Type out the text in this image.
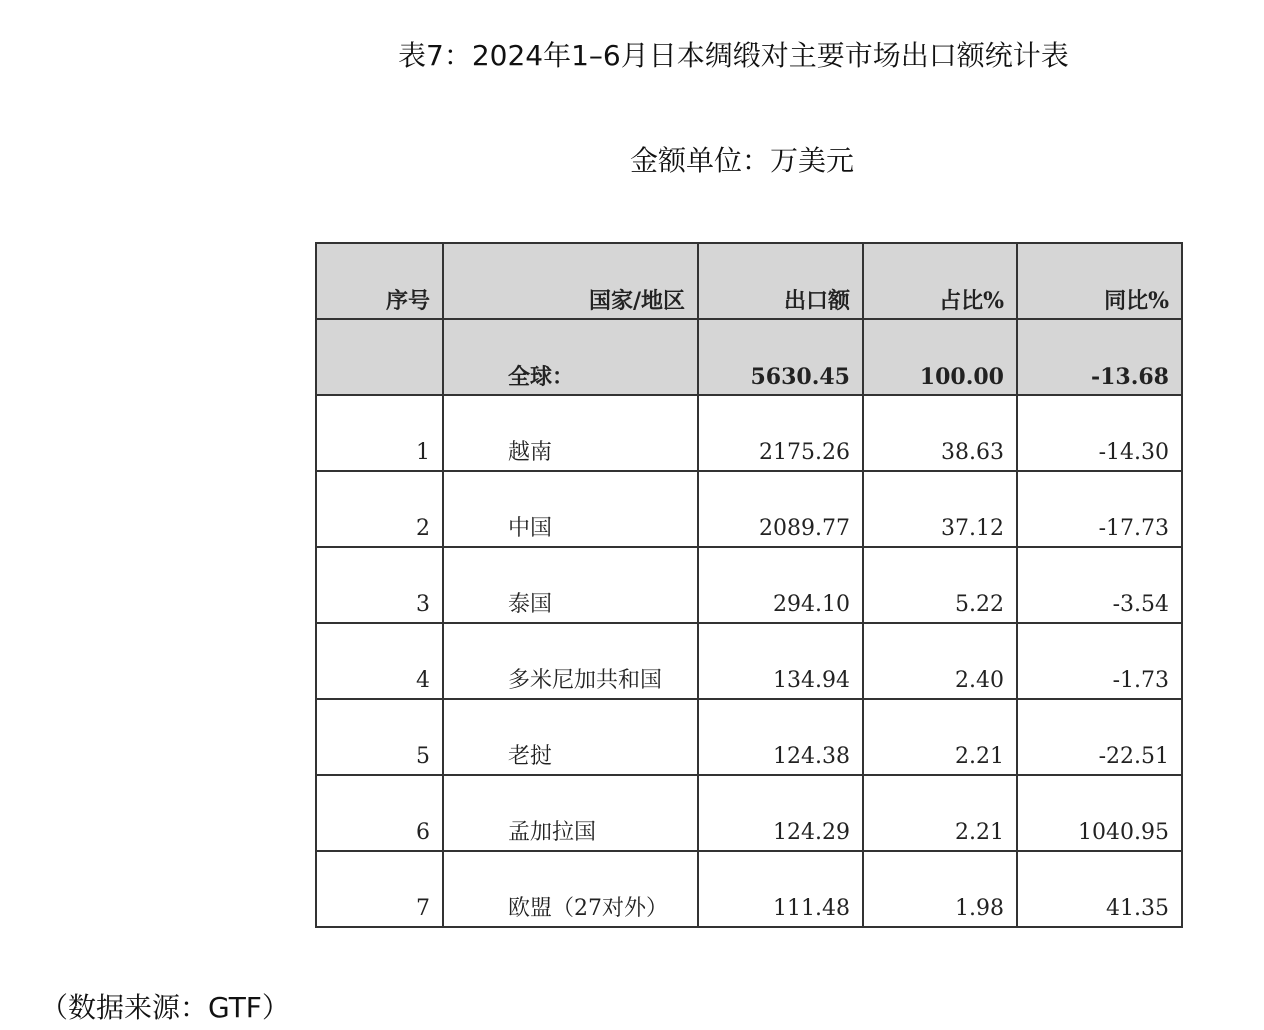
表7：2024年1–6月日本绸缎对主要市场出口额统计表
金额单位：万美元
序号	国家/地区	出口额	占比%	同比%
	全球：	5630.45	100.00	-13.68
1	越南	2175.26	38.63	-14.30
2	中国	2089.77	37.12	-17.73
3	泰国	294.10	5.22	-3.54
4	多米尼加共和国	134.94	2.40	-1.73
5	老挝	124.38	2.21	-22.51
6	孟加拉国	124.29	2.21	1040.95
7	欧盟（27对外）	111.48	1.98	41.35
（数据来源：GTF）
